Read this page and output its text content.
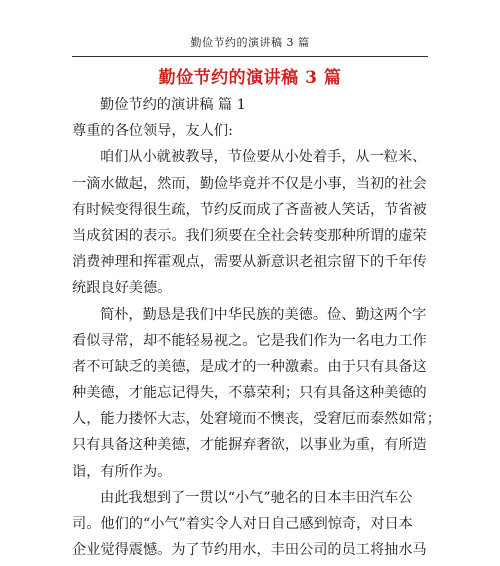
勤俭节约的演讲稿 3 篇
勤俭节约的演讲稿 3 篇
勤俭节约的演讲稿 篇 1
尊重的各位领导，友人们:
咱们从小就被教导，节俭要从小处着手，从一粒米、
一滴水做起，然而，勤俭毕竟并不仅是小事，当初的社会
有时候变得很生疏，节约反而成了吝啬被人笑话，节省被
当成贫困的表示。我们须要在全社会转变那种所谓的虚荣
消费神理和挥霍观点，需要从新意识老祖宗留下的千年传
统跟良好美德。
简朴，勤恳是我们中华民族的美德。俭、勤这两个字
看似寻常，却不能轻易视之。它是我们作为一名电力工作
者不可缺乏的美德，是成才的一种激素。由于只有具备这
种美德，才能忘记得失，不慕荣利；只有具备这种美德的
人，能力搂怀大志，处窘境而不懊丧，受窘厄而泰然如常；
只有具备这种美德，才能摒弃奢欲，以事业为重，有所造
诣，有所作为。
由此我想到了一贯以“小气”驰名的日本丰田汽车公
司。他们的“小气”着实令人对日自己感到惊奇，对日本
企业觉得震憾。为了节约用水，丰田公司的员工将抽水马
